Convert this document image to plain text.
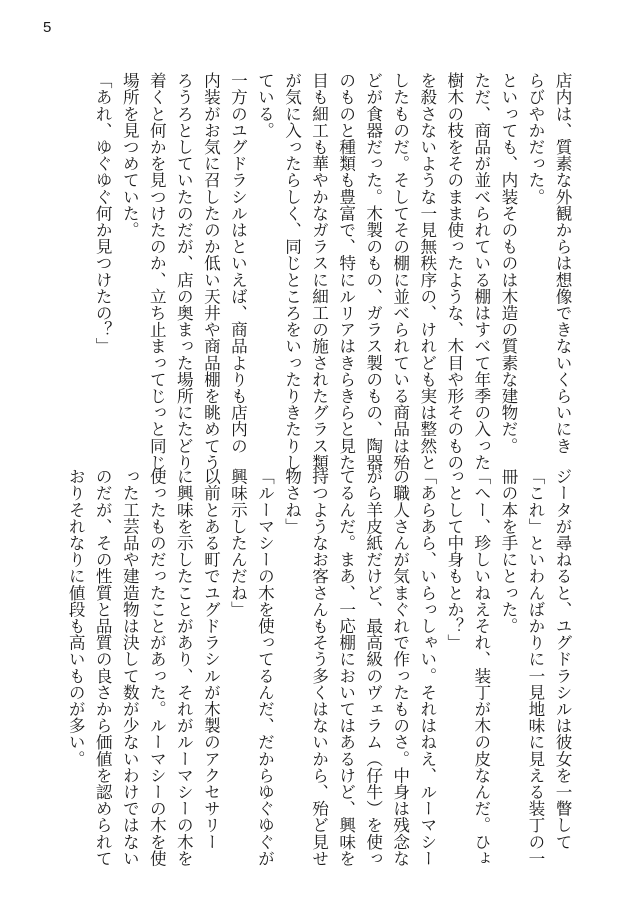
5
店内は、質素な外観からは想像できないくらいにき
らびやかだった。
といっても、内装そのものは木造の質素な建物だ。
ただ、商品が並べられている棚はすべて年季の入った
樹木の枝をそのまま使ったような、木目や形そのもの
を殺さないような一見無秩序の、けれども実は整然と
したものだ。そしてその棚に並べられている商品は殆
どが食器だった。木製のもの、ガラス製のもの、陶器
のものと種類も豊富で、特にルリアはきらきらと見た
目も細工も華やかなガラスに細工の施されたグラス類
が気に入ったらしく、同じところをいったりきたりし
ている。
一方のユグドラシルはといえば、商品よりも店内の
内装がお気に召したのか低い天井や商品棚を眺めてう
ろうろとしていたのだが、店の奥まった場所にたどり
着くと何かを見つけたのか、立ち止まってじっと同じ
場所を見つめていた。
「あれ、ゆぐゆぐ何か見つけたの？」
ジータが尋ねると、ユグドラシルは彼女を一瞥して
「これ」といわんばかりに一見地味に見える装丁の一
冊の本を手にとった。
「へー、珍しいねえそれ、装丁が木の皮なんだ。ひょ
っとして中身もとか？」
「あらあら、いらっしゃい。それはねえ、ルーマシー
の職人さんが気まぐれで作ったものさ。中身は残念な
がら羊皮紙だけど、最高級のヴェラム（仔牛）を使っ
てるんだ。まあ、一応棚においてはあるけど、興味を
持つようなお客さんもそう多くはないから、殆ど見せ
物さね」
「ルーマシーの木を使ってるんだ、だからゆぐゆぐが
興味示したんだね」
以前とある町でユグドラシルが木製のアクセサリー
に興味を示したことがあり、それがルーマシーの木を
使ったものだったことがあった。ルーマシーの木を使
った工芸品や建造物は決して数が少ないわけではない
のだが、その性質と品質の良さから価値を認められて
おりそれなりに値段も高いものが多い。
